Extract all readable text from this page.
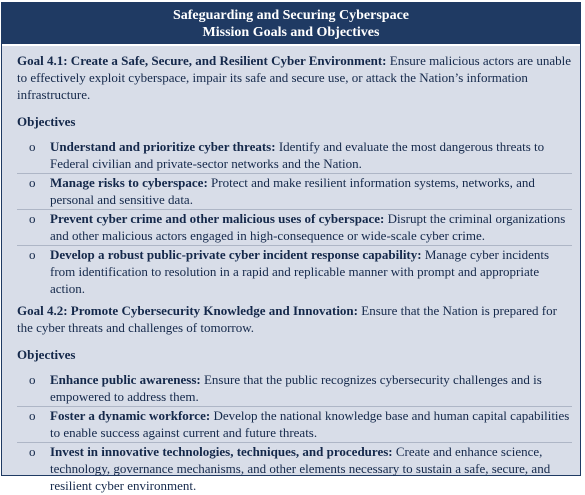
Safeguarding and Securing Cyberspace
Mission Goals and Objectives
Goal 4.1: Create a Safe, Secure, and Resilient Cyber Environment: Ensure malicious actors are unable to effectively exploit cyberspace, impair its safe and secure use, or attack the Nation’s information infrastructure.
Objectives
o Understand and prioritize cyber threats: Identify and evaluate the most dangerous threats to Federal civilian and private-sector networks and the Nation.
o Manage risks to cyberspace: Protect and make resilient information systems, networks, and personal and sensitive data.
o Prevent cyber crime and other malicious uses of cyberspace: Disrupt the criminal organizations and other malicious actors engaged in high-consequence or wide-scale cyber crime.
o Develop a robust public-private cyber incident response capability: Manage cyber incidents from identification to resolution in a rapid and replicable manner with prompt and appropriate action.
Goal 4.2: Promote Cybersecurity Knowledge and Innovation: Ensure that the Nation is prepared for the cyber threats and challenges of tomorrow.
Objectives
o Enhance public awareness: Ensure that the public recognizes cybersecurity challenges and is empowered to address them.
o Foster a dynamic workforce: Develop the national knowledge base and human capital capabilities to enable success against current and future threats.
o Invest in innovative technologies, techniques, and procedures: Create and enhance science, technology, governance mechanisms, and other elements necessary to sustain a safe, secure, and resilient cyber environment.
